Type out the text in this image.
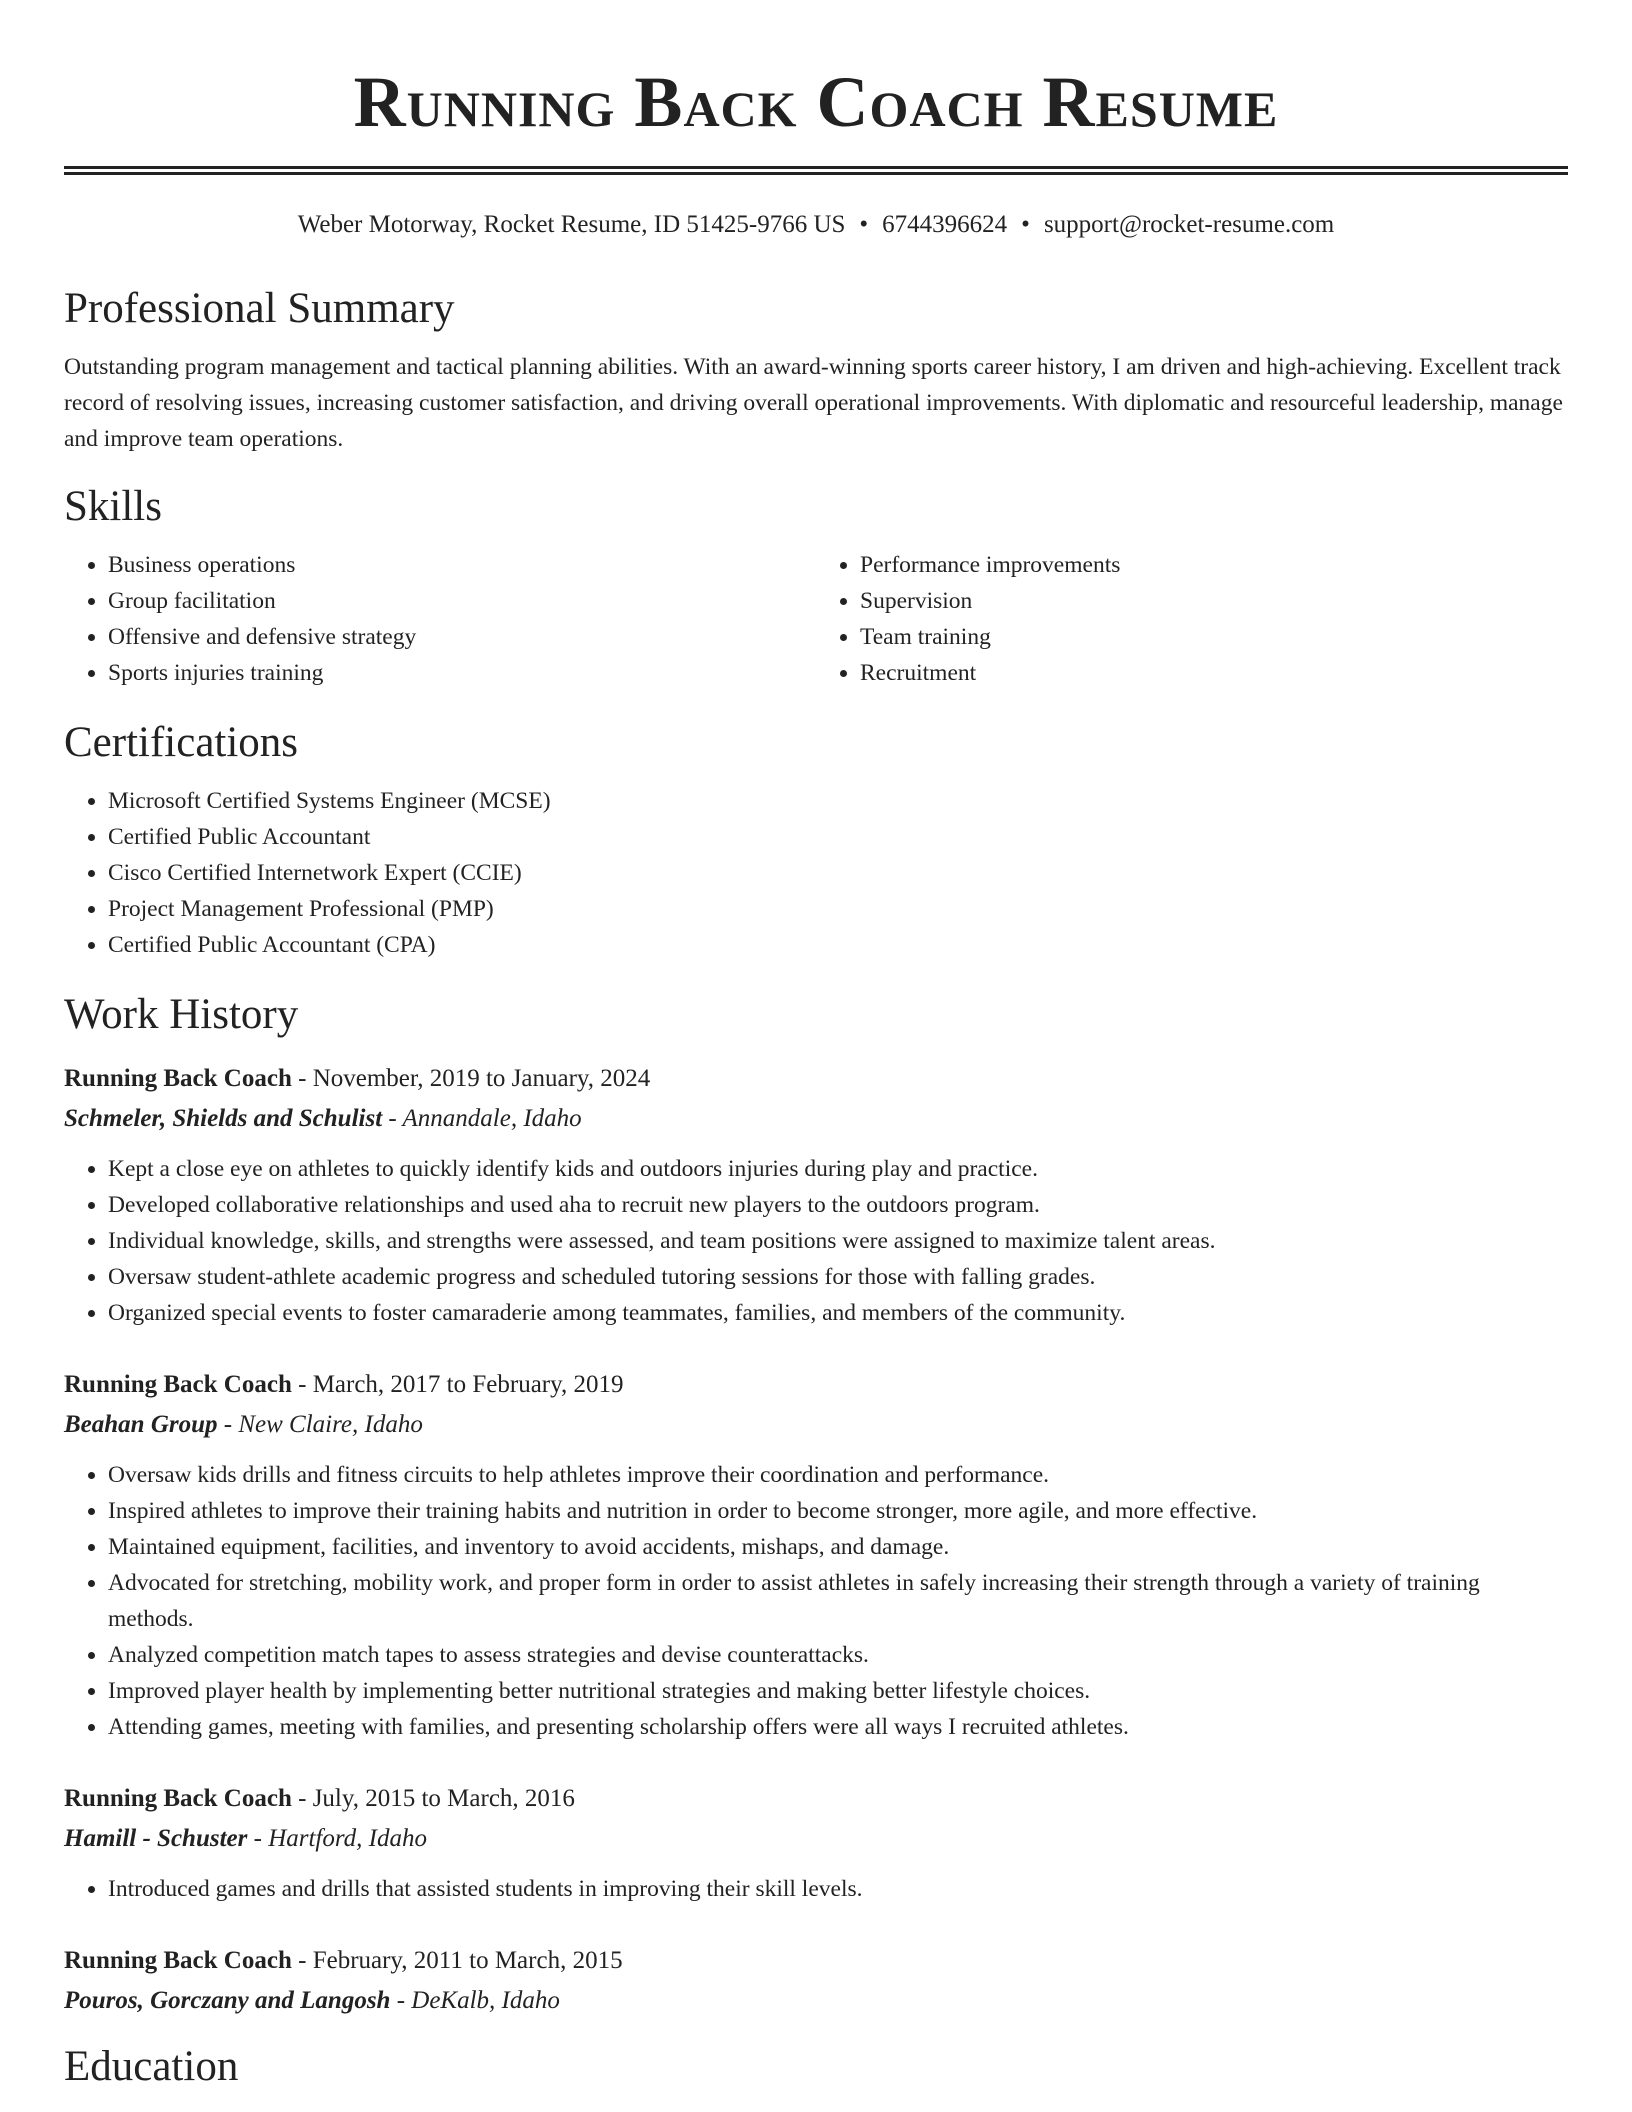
Running Back Coach Resume
Weber Motorway, Rocket Resume, ID 51425-9766 US • 6744396624 • support@rocket-resume.com
Professional Summary

Outstanding program management and tactical planning abilities. With an award-winning sports career history, I am driven and high-achieving. Excellent track record of resolving issues, increasing customer satisfaction, and driving overall operational improvements. With diplomatic and resourceful leadership, manage and improve team operations.

Skills
• Business operations
• Group facilitation
• Offensive and defensive strategy
• Sports injuries training
• Performance improvements
• Supervision
• Team training
• Recruitment
Certifications
• Microsoft Certified Systems Engineer (MCSE)
• Certified Public Accountant
• Cisco Certified Internetwork Expert (CCIE)
• Project Management Professional (PMP)
• Certified Public Accountant (CPA)
Work History
Running Back Coach - November, 2019 to January, 2024
Schmeler, Shields and Schulist - Annandale, Idaho
• Kept a close eye on athletes to quickly identify kids and outdoors injuries during play and practice.
• Developed collaborative relationships and used aha to recruit new players to the outdoors program.
• Individual knowledge, skills, and strengths were assessed, and team positions were assigned to maximize talent areas.
• Oversaw student-athlete academic progress and scheduled tutoring sessions for those with falling grades.
• Organized special events to foster camaraderie among teammates, families, and members of the community.
Running Back Coach - March, 2017 to February, 2019
Beahan Group - New Claire, Idaho
• Oversaw kids drills and fitness circuits to help athletes improve their coordination and performance.
• Inspired athletes to improve their training habits and nutrition in order to become stronger, more agile, and more effective.
• Maintained equipment, facilities, and inventory to avoid accidents, mishaps, and damage.
• Advocated for stretching, mobility work, and proper form in order to assist athletes in safely increasing their strength through a variety of training methods.
• Analyzed competition match tapes to assess strategies and devise counterattacks.
• Improved player health by implementing better nutritional strategies and making better lifestyle choices.
• Attending games, meeting with families, and presenting scholarship offers were all ways I recruited athletes.
Running Back Coach - July, 2015 to March, 2016
Hamill - Schuster - Hartford, Idaho
• Introduced games and drills that assisted students in improving their skill levels.
Running Back Coach - February, 2011 to March, 2015
Pouros, Gorczany and Langosh - DeKalb, Idaho
Education
